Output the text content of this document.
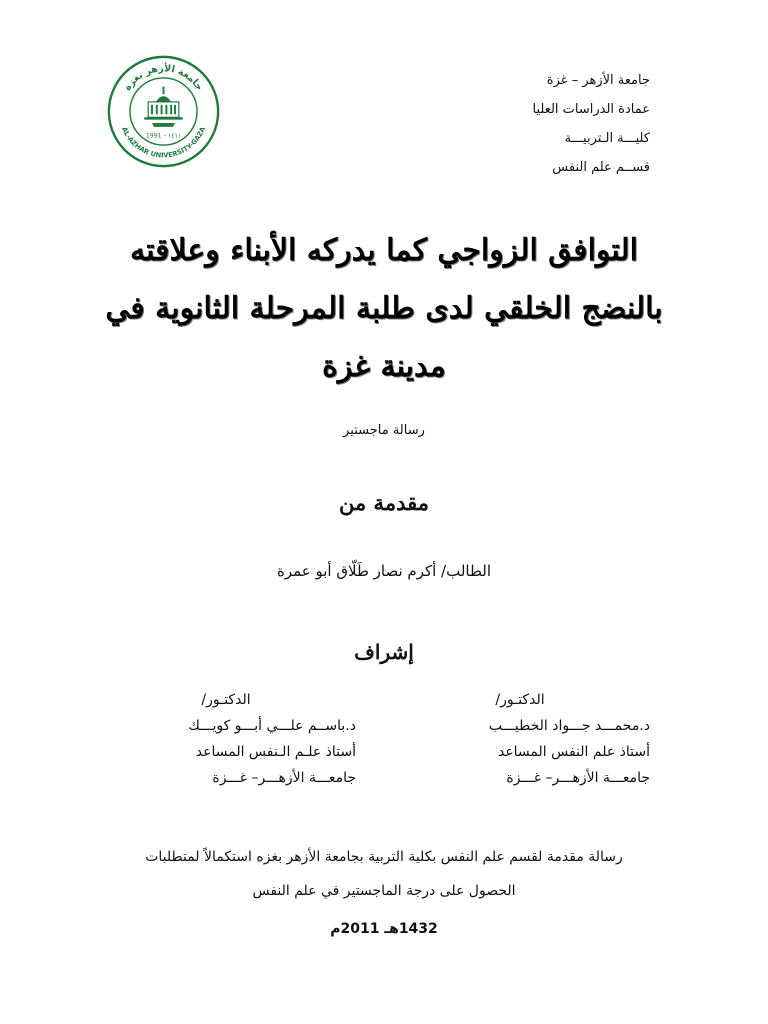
جامعة الأزهر – غزة
عمادة الدراسات العليا
كليـــة الـتربيـــة
قســم علم النفس
جامعة الأزهر بغزة
AL-AZHAR UNIVERSITY-GAZA
1991 - ١٤١١
التوافق الزواجي كما يدركه الأبناء وعلاقته
بالنضج الخلقي لدى طلبة المرحلة الثانوية في
مدينة غزة
رسالة ماجستير
مقدمة من
الطالب/ أكرم نصار طَلّاق أبو عمرة
إشراف
الدكتـور/
د.محمـــد جـــواد الخطيـــب
أستاذ علم النفس المساعد
جامعـــة الأزهـــر– غـــزة
الدكتـور/
د.باســم علـــي أبـــو كويـــك
أستاذ علـم الـنفس المساعد
جامعـــة الأزهـــر– غـــزة
رسالة مقدمة لقسم علم النفس بكلية التربية بجامعة الأزهر بغزه استكمالاً لمتطلبات
الحصول على درجة الماجستير في علم النفس
1432هـ 2011م
